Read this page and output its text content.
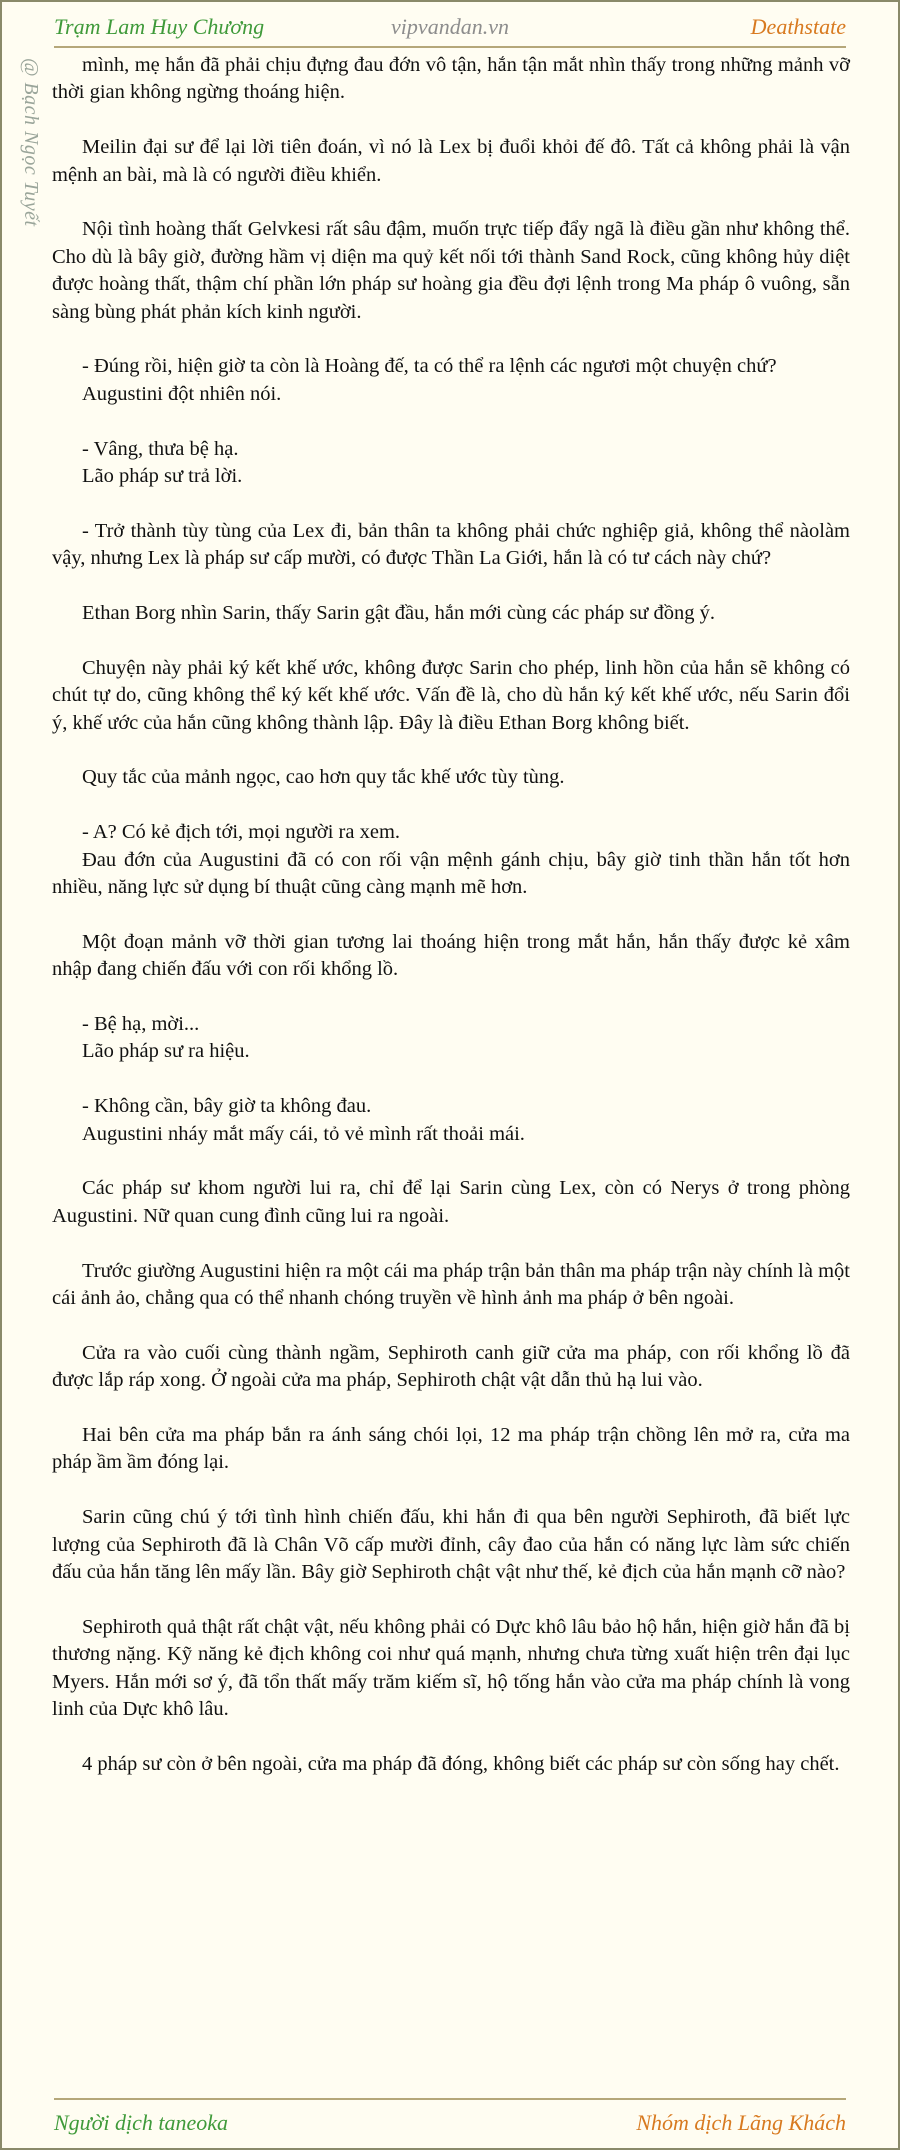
Trạm Lam Huy Chương	vipvandan.vn	Deathstate
@ Bạch Ngọc Tuyết	mình, mẹ hắn đã phải chịu đựng đau đớn vô tận, hắn tận mắt nhìn thấy trong những mảnh vỡ thời gian không ngừng thoáng hiện.

Meilin đại sư để lại lời tiên đoán, vì nó là Lex bị đuổi khỏi đế đô. Tất cả không phải là vận mệnh an bài, mà là có người điều khiển.

Nội tình hoàng thất Gelvkesi rất sâu đậm, muốn trực tiếp đẩy ngã là điều gần như không thể. Cho dù là bây giờ, đường hầm vị diện ma quỷ kết nối tới thành Sand Rock, cũng không hủy diệt được hoàng thất, thậm chí phần lớn pháp sư hoàng gia đều đợi lệnh trong Ma pháp ô vuông, sẵn sàng bùng phát phản kích kinh người.

- Đúng rồi, hiện giờ ta còn là Hoàng đế, ta có thể ra lệnh các ngươi một chuyện chứ?

Augustini đột nhiên nói.

- Vâng, thưa bệ hạ.

Lão pháp sư trả lời.

- Trở thành tùy tùng của Lex đi, bản thân ta không phải chức nghiệp giả, không thể nàolàm vậy, nhưng Lex là pháp sư cấp mười, có được Thần La Giới, hắn là có tư cách này chứ?

Ethan Borg nhìn Sarin, thấy Sarin gật đầu, hắn mới cùng các pháp sư đồng ý.

Chuyện này phải ký kết khế ước, không được Sarin cho phép, linh hồn của hắn sẽ không có chút tự do, cũng không thể ký kết khế ước. Vấn đề là, cho dù hắn ký kết khế ước, nếu Sarin đổi ý, khế ước của hắn cũng không thành lập. Đây là điều Ethan Borg không biết.

Quy tắc của mảnh ngọc, cao hơn quy tắc khế ước tùy tùng.

- A? Có kẻ địch tới, mọi người ra xem.

Đau đớn của Augustini đã có con rối vận mệnh gánh chịu, bây giờ tinh thần hắn tốt hơn nhiều, năng lực sử dụng bí thuật cũng càng mạnh mẽ hơn.

Một đoạn mảnh vỡ thời gian tương lai thoáng hiện trong mắt hắn, hắn thấy được kẻ xâm nhập đang chiến đấu với con rối khổng lồ.

- Bệ hạ, mời...

Lão pháp sư ra hiệu.

- Không cần, bây giờ ta không đau.

Augustini nháy mắt mấy cái, tỏ vẻ mình rất thoải mái.

Các pháp sư khom người lui ra, chỉ để lại Sarin cùng Lex, còn có Nerys ở trong phòng Augustini. Nữ quan cung đình cũng lui ra ngoài.

Trước giường Augustini hiện ra một cái ma pháp trận bản thân ma pháp trận này chính là một cái ảnh ảo, chẳng qua có thể nhanh chóng truyền về hình ảnh ma pháp ở bên ngoài.

Cửa ra vào cuối cùng thành ngầm, Sephiroth canh giữ cửa ma pháp, con rối khổng lồ đã được lắp ráp xong. Ở ngoài cửa ma pháp, Sephiroth chật vật dẫn thủ hạ lui vào.

Hai bên cửa ma pháp bắn ra ánh sáng chói lọi, 12 ma pháp trận chồng lên mở ra, cửa ma pháp ầm ầm đóng lại.

Sarin cũng chú ý tới tình hình chiến đấu, khi hắn đi qua bên người Sephiroth, đã biết lực lượng của Sephiroth đã là Chân Võ cấp mười đỉnh, cây đao của hắn có năng lực làm sức chiến đấu của hắn tăng lên mấy lần. Bây giờ Sephiroth chật vật như thế, kẻ địch của hắn mạnh cỡ nào?

Sephiroth quả thật rất chật vật, nếu không phải có Dực khô lâu bảo hộ hắn, hiện giờ hắn đã bị thương nặng. Kỹ năng kẻ địch không coi như quá mạnh, nhưng chưa từng xuất hiện trên đại lục Myers. Hắn mới sơ ý, đã tổn thất mấy trăm kiếm sĩ, hộ tống hắn vào cửa ma pháp chính là vong linh của Dực khô lâu.

4 pháp sư còn ở bên ngoài, cửa ma pháp đã đóng, không biết các pháp sư còn sống hay chết.

Người dịch taneoka	Nhóm dịch Lãng Khách
